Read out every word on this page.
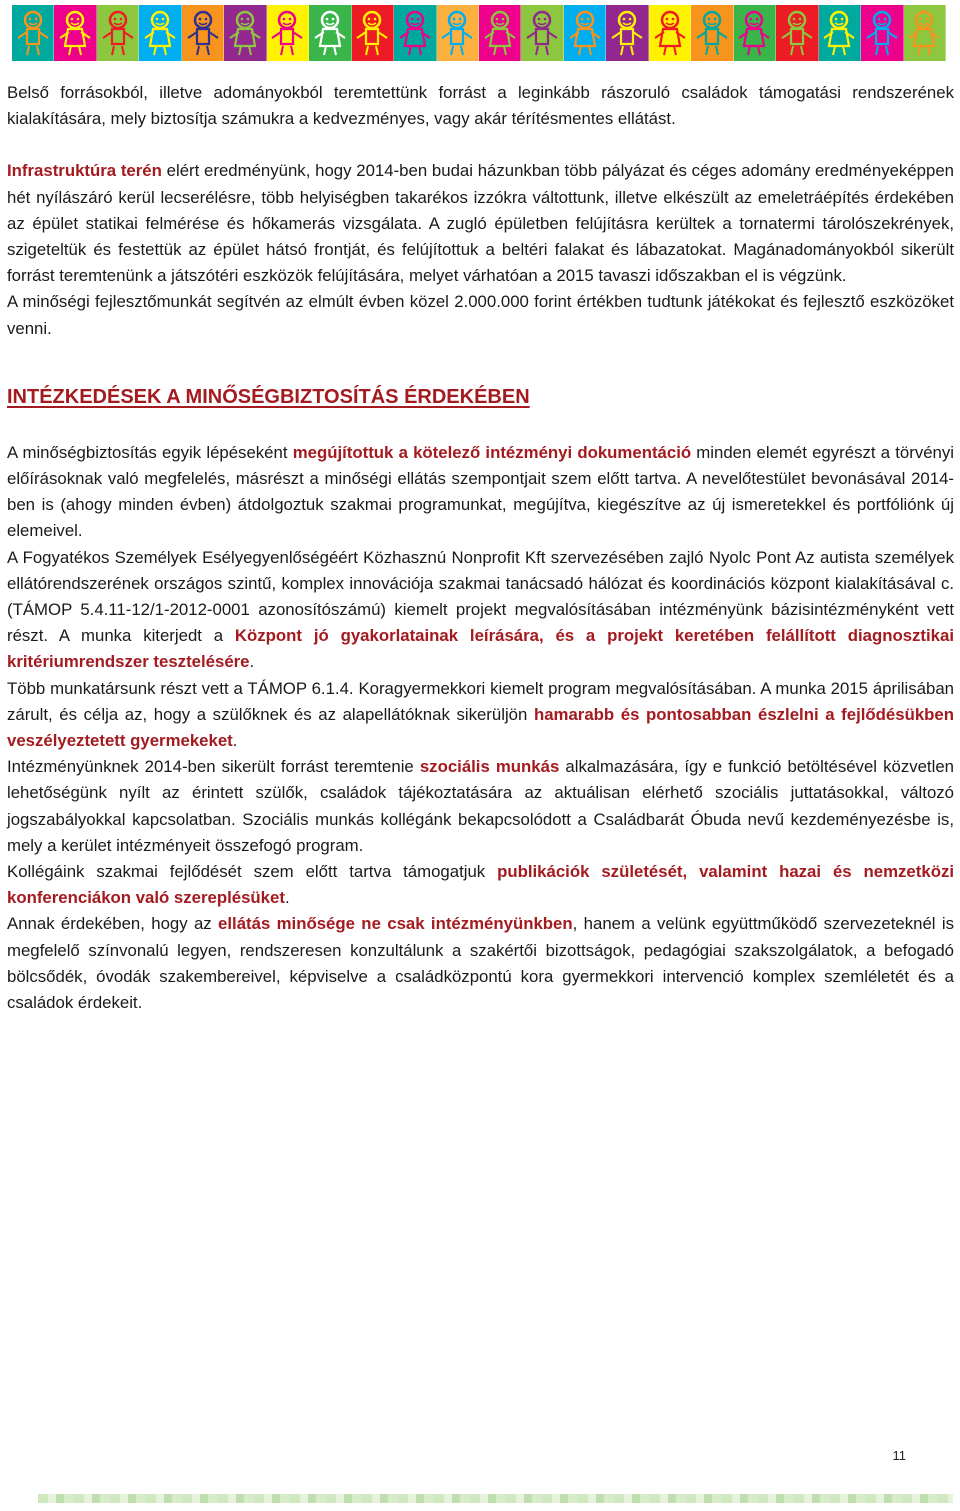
Belső forrásokból, illetve adományokból teremtettünk forrást a leginkább rászoruló családok támogatási rendszerének kialakítására, mely biztosítja számukra a kedvezményes, vagy akár térítésmentes ellátást.

Infrastruktúra terén elért eredményünk, hogy 2014-ben budai házunkban több pályázat és céges adomány eredményeképpen hét nyílászáró kerül lecserélésre, több helyiségben takarékos izzókra váltottunk, illetve elkészült az emeletráépítés érdekében az épület statikai felmérése és hőkamerás vizsgálata. A zugló épületben felújításra kerültek a tornatermi tárolószekrények, szigeteltük és festettük az épület hátsó frontját, és felújítottuk a beltéri falakat és lábazatokat. Magánadományokból sikerült forrást teremtenünk a játszótéri eszközök felújítására, melyet várhatóan a 2015 tavaszi időszakban el is végzünk.

A minőségi fejlesztőmunkát segítvén az elmúlt évben közel 2.000.000 forint értékben tudtunk játékokat és fejlesztő eszközöket venni.

INTÉZKEDÉSEK A MINŐSÉGBIZTOSÍTÁS ÉRDEKÉBEN

A minőségbiztosítás egyik lépéseként megújítottuk a kötelező intézményi dokumentáció minden elemét egyrészt a törvényi előírásoknak való megfelelés, másrészt a minőségi ellátás szempontjait szem előtt tartva. A nevelőtestület bevonásával 2014-ben is (ahogy minden évben) átdolgoztuk szakmai programunkat, megújítva, kiegészítve az új ismeretekkel és portfóliónk új elemeivel.

A Fogyatékos Személyek Esélyegyenlőségéért Közhasznú Nonprofit Kft szervezésében zajló Nyolc Pont Az autista személyek ellátórendszerének országos szintű, komplex innovációja szakmai tanácsadó hálózat és koordinációs központ kialakításával c. (TÁMOP 5.4.11-12/1-2012-0001 azonosítószámú) kiemelt projekt megvalósításában intézményünk bázisintézményként vett részt. A munka kiterjedt a Központ jó gyakorlatainak leírására, és a projekt keretében felállított diagnosztikai kritériumrendszer tesztelésére.

Több munkatársunk részt vett a TÁMOP 6.1.4. Koragyermekkori kiemelt program megvalósításában. A munka 2015 áprilisában zárult, és célja az, hogy a szülőknek és az alapellátóknak sikerüljön hamarabb és pontosabban észlelni a fejlődésükben veszélyeztetett gyermekeket.

Intézményünknek 2014-ben sikerült forrást teremtenie szociális munkás alkalmazására, így e funkció betöltésével közvetlen lehetőségünk nyílt az érintett szülők, családok tájékoztatására az aktuálisan elérhető szociális juttatásokkal, változó jogszabályokkal kapcsolatban. Szociális munkás kollégánk bekapcsolódott a Családbarát Óbuda nevű kezdeményezésbe is, mely a kerület intézményeit összefogó program.

Kollégáink szakmai fejlődését szem előtt tartva támogatjuk publikációk születését, valamint hazai és nemzetközi konferenciákon való szereplésüket.

Annak érdekében, hogy az ellátás minősége ne csak intézményünkben, hanem a velünk együttműködő szervezeteknél is megfelelő színvonalú legyen, rendszeresen konzultálunk a szakértői bizottságok, pedagógiai szakszolgálatok, a befogadó bölcsődék, óvodák szakembereivel, képviselve a családközpontú kora gyermekkori intervenció komplex szemléletét és a családok érdekeit.

11
